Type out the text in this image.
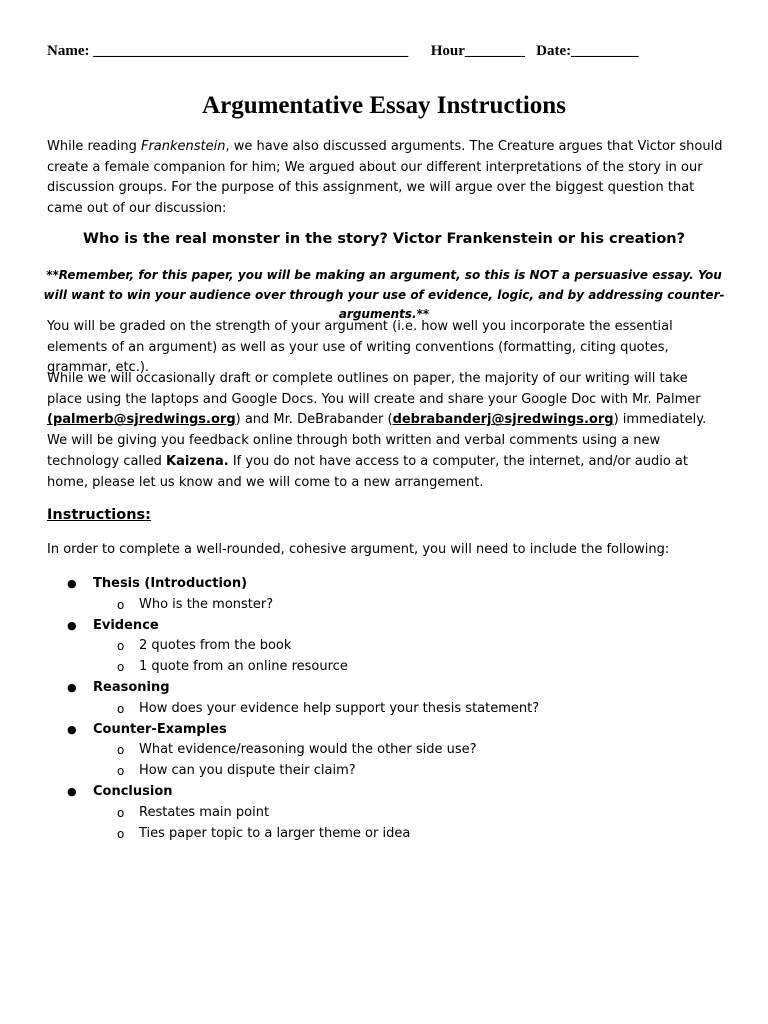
Name: __________________________________________ Hour________ Date:_________
Argumentative Essay Instructions

While reading Frankenstein, we have also discussed arguments. The Creature argues that Victor should create a female companion for him; We argued about our different interpretations of the story in our discussion groups. For the purpose of this assignment, we will argue over the biggest question that came out of our discussion:

Who is the real monster in the story? Victor Frankenstein or his creation?

**Remember, for this paper, you will be making an argument, so this is NOT a persuasive essay. You will want to win your audience over through your use of evidence, logic, and by addressing counter-arguments.**

You will be graded on the strength of your argument (i.e. how well you incorporate the essential elements of an argument) as well as your use of writing conventions (formatting, citing quotes, grammar, etc.).

While we will occasionally draft or complete outlines on paper, the majority of our writing will take place using the laptops and Google Docs. You will create and share your Google Doc with Mr. Palmer (palmerb@sjredwings.org) and Mr. DeBrabander (debrabanderj@sjredwings.org) immediately. We will be giving you feedback online through both written and verbal comments using a new technology called Kaizena. If you do not have access to a computer, the internet, and/or audio at home, please let us know and we will come to a new arrangement.

Instructions:

In order to complete a well-rounded, cohesive argument, you will need to include the following:

● Thesis (Introduction)
o Who is the monster?
● Evidence
o 2 quotes from the book
o 1 quote from an online resource
● Reasoning
o How does your evidence help support your thesis statement?
● Counter-Examples
o What evidence/reasoning would the other side use?
o How can you dispute their claim?
● Conclusion
o Restates main point
o Ties paper topic to a larger theme or idea
